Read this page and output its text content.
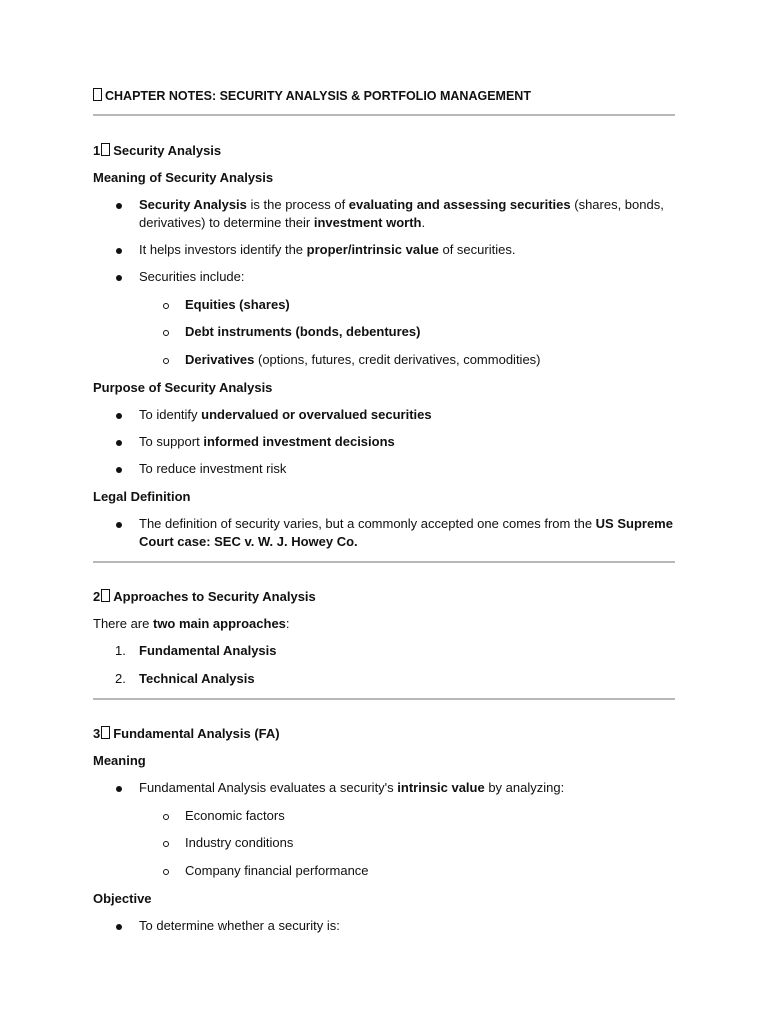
CHAPTER NOTES: SECURITY ANALYSIS & PORTFOLIO MANAGEMENT
1 Security Analysis
Meaning of Security Analysis
Security Analysis is the process of evaluating and assessing securities (shares, bonds,
derivatives) to determine their investment worth.
It helps investors identify the proper/intrinsic value of securities.
Securities include:
Equities (shares)
Debt instruments (bonds, debentures)
Derivatives (options, futures, credit derivatives, commodities)
Purpose of Security Analysis
To identify undervalued or overvalued securities
To support informed investment decisions
To reduce investment risk
Legal Definition
The definition of security varies, but a commonly accepted one comes from the US Supreme
Court case: SEC v. W. J. Howey Co.
2 Approaches to Security Analysis
There are two main approaches:
1. Fundamental Analysis
2. Technical Analysis
3 Fundamental Analysis (FA)
Meaning
Fundamental Analysis evaluates a security's intrinsic value by analyzing:
Economic factors
Industry conditions
Company financial performance
Objective
To determine whether a security is:
